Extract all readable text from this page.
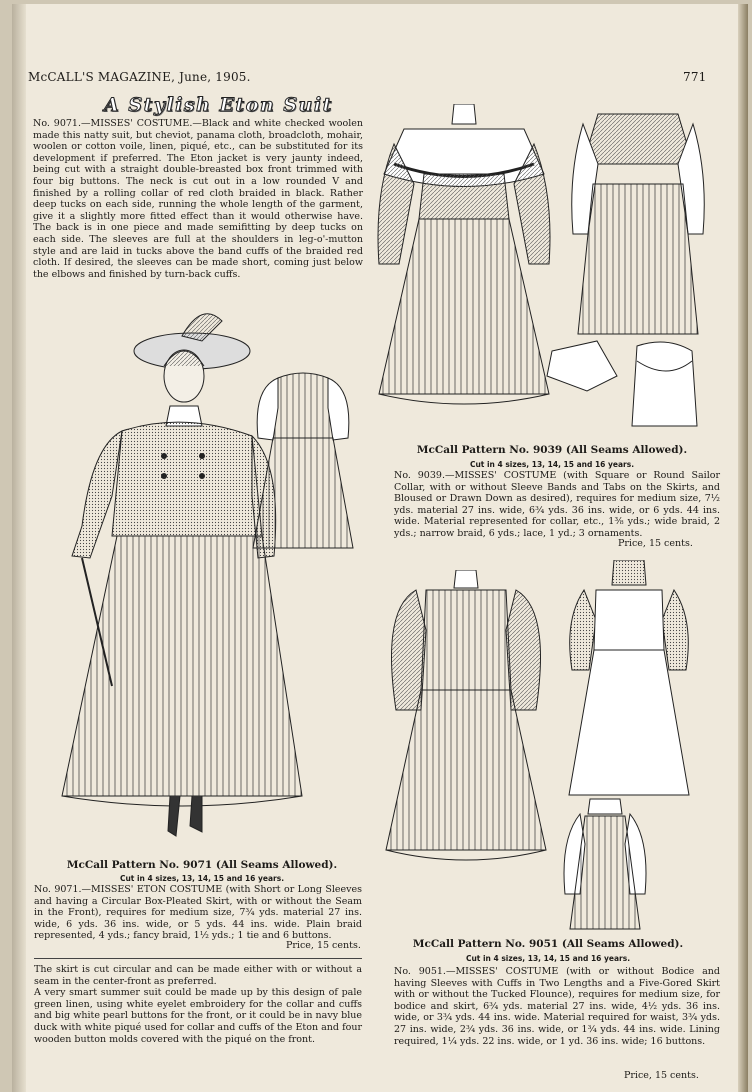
McCALL'S MAGAZINE, June, 1905.	771
A Stylish Eton Suit
No. 9071.—MISSES' COSTUME.—Black and white checked woolen made this natty suit, but cheviot, panama cloth, broadcloth, mohair, woolen or cotton voile, linen, piqué, etc., can be substituted for its development if preferred. The Eton jacket is very jaunty indeed, being cut with a straight double-breasted box front trimmed with four big buttons. The neck is cut out in a low rounded V and finished by a rolling collar of red cloth braided in black. Rather deep tucks on each side, running the whole length of the garment, give it a slightly more fitted effect than it would otherwise have. The back is in one piece and made semifitting by deep tucks on each side. The sleeves are full at the shoulders in leg-o'-mutton style and are laid in tucks above the band cuffs of the braided red cloth. If desired, the sleeves can be made short, coming just below the elbows and finished by turn-back cuffs.
McCall Pattern No. 9071 (All Seams Allowed).
Cut in 4 sizes, 13, 14, 15 and 16 years.
No. 9071.—MISSES' ETON COSTUME (with Short or Long Sleeves and having a Circular Box-Pleated Skirt, with or without the Seam in the Front), requires for medium size, 7¾ yds. material 27 ins. wide, 6 yds. 36 ins. wide, or 5 yds. 44 ins. wide. Plain braid represented, 4 yds.; fancy braid, 1½ yds.; 1 tie and 6 buttons.
Price, 15 cents.
The skirt is cut circular and can be made either with or without a seam in the center-front as preferred.
A very smart summer suit could be made up by this design of pale green linen, using white eyelet embroidery for the collar and cuffs and big white pearl buttons for the front, or it could be in navy blue duck with white piqué used for collar and cuffs of the Eton and four wooden button molds covered with the piqué on the front.
McCall Pattern No. 9039 (All Seams Allowed).
Cut in 4 sizes, 13, 14, 15 and 16 years.
No. 9039.—MISSES' COSTUME (with Square or Round Sailor Collar, with or without Sleeve Bands and Tabs on the Skirts, and Bloused or Drawn Down as desired), requires for medium size, 7½ yds. material 27 ins. wide, 6¾ yds. 36 ins. wide, or 6 yds. 44 ins. wide. Material represented for collar, etc., 1⅜ yds.; wide braid, 2 yds.; narrow braid, 6 yds.; lace, 1 yd.; 3 ornaments.
Price, 15 cents.
McCall Pattern No. 9051 (All Seams Allowed).
Cut in 4 sizes, 13, 14, 15 and 16 years.
No. 9051.—MISSES' COSTUME (with or without Bodice and having Sleeves with Cuffs in Two Lengths and a Five-Gored Skirt with or without the Tucked Flounce), requires for medium size, for bodice and skirt, 6¾ yds. material 27 ins. wide, 4½ yds. 36 ins. wide, or 3¾ yds. 44 ins. wide. Material required for waist, 3¾ yds. 27 ins. wide, 2¾ yds. 36 ins. wide, or 1¾ yds. 44 ins. wide. Lining required, 1¼ yds. 22 ins. wide, or 1 yd. 36 ins. wide; 16 buttons.
Price, 15 cents.
